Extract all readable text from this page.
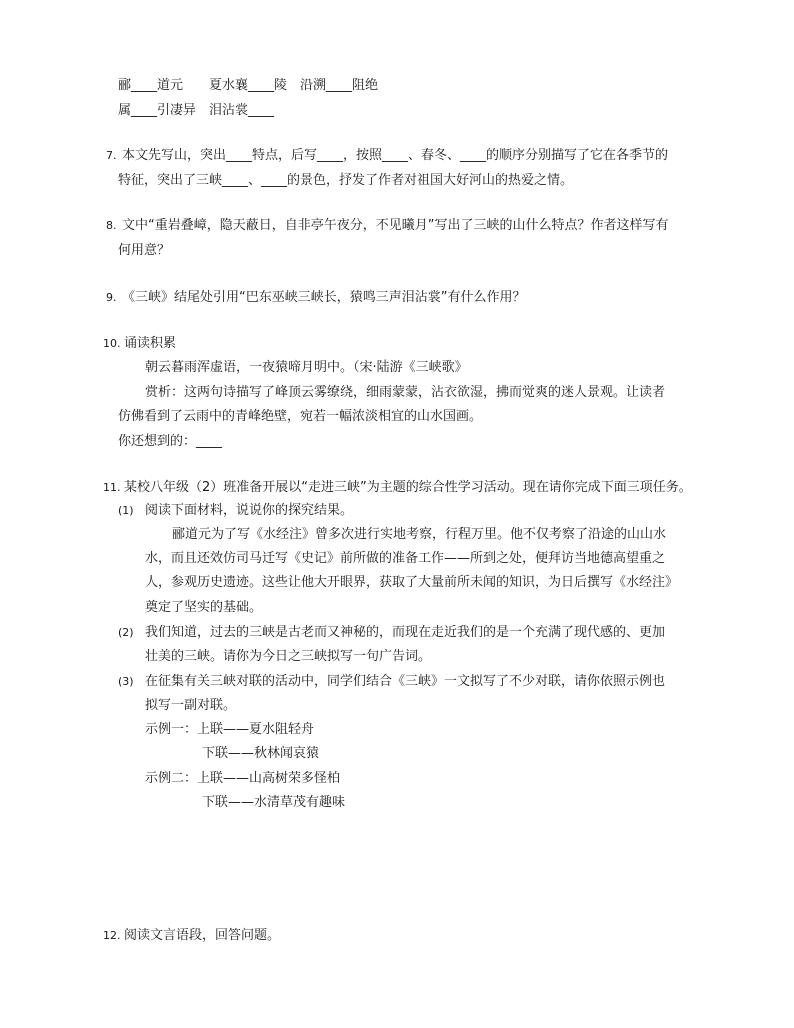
郦____道元　　夏水襄____陵　沿溯____阻绝
属____引凄异　泪沾裳____
7. 本文先写山，突出____特点，后写____，按照____、春冬、____的顺序分别描写了它在各季节的
特征，突出了三峡____、____的景色，抒发了作者对祖国大好河山的热爱之情。
8. 文中“重岩叠嶂，隐天蔽日，自非亭午夜分，不见曦月”写出了三峡的山什么特点？作者这样写有
何用意？
9. 《三峡》结尾处引用“巴东巫峡三峡长，猿鸣三声泪沾裳”有什么作用？
10. 诵读积累
朝云暮雨浑虚语，一夜猿啼月明中。（宋·陆游《三峡歌》
赏析：这两句诗描写了峰顶云雾缭绕，细雨蒙蒙，沾衣欲湿，拂而觉爽的迷人景观。让读者
仿佛看到了云雨中的青峰绝壁，宛若一幅浓淡相宜的山水国画。
你还想到的：____
11. 某校八年级（2）班准备开展以“走进三峡”为主题的综合性学习活动。现在请你完成下面三项任务。
(1) 阅读下面材料，说说你的探究结果。
郦道元为了写《水经注》曾多次进行实地考察，行程万里。他不仅考察了沿途的山山水
水，而且还效仿司马迁写《史记》前所做的准备工作——所到之处，便拜访当地德高望重之
人，参观历史遗迹。这些让他大开眼界，获取了大量前所未闻的知识，为日后撰写《水经注》
奠定了坚实的基础。
(2) 我们知道，过去的三峡是古老而又神秘的，而现在走近我们的是一个充满了现代感的、更加
壮美的三峡。请你为今日之三峡拟写一句广告词。
(3) 在征集有关三峡对联的活动中，同学们结合《三峡》一文拟写了不少对联，请你依照示例也
拟写一副对联。
示例一：上联——夏水阻轻舟
下联——秋林闻哀猿
示例二：上联——山高树荣多怪柏
下联——水清草茂有趣味
12. 阅读文言语段，回答问题。
